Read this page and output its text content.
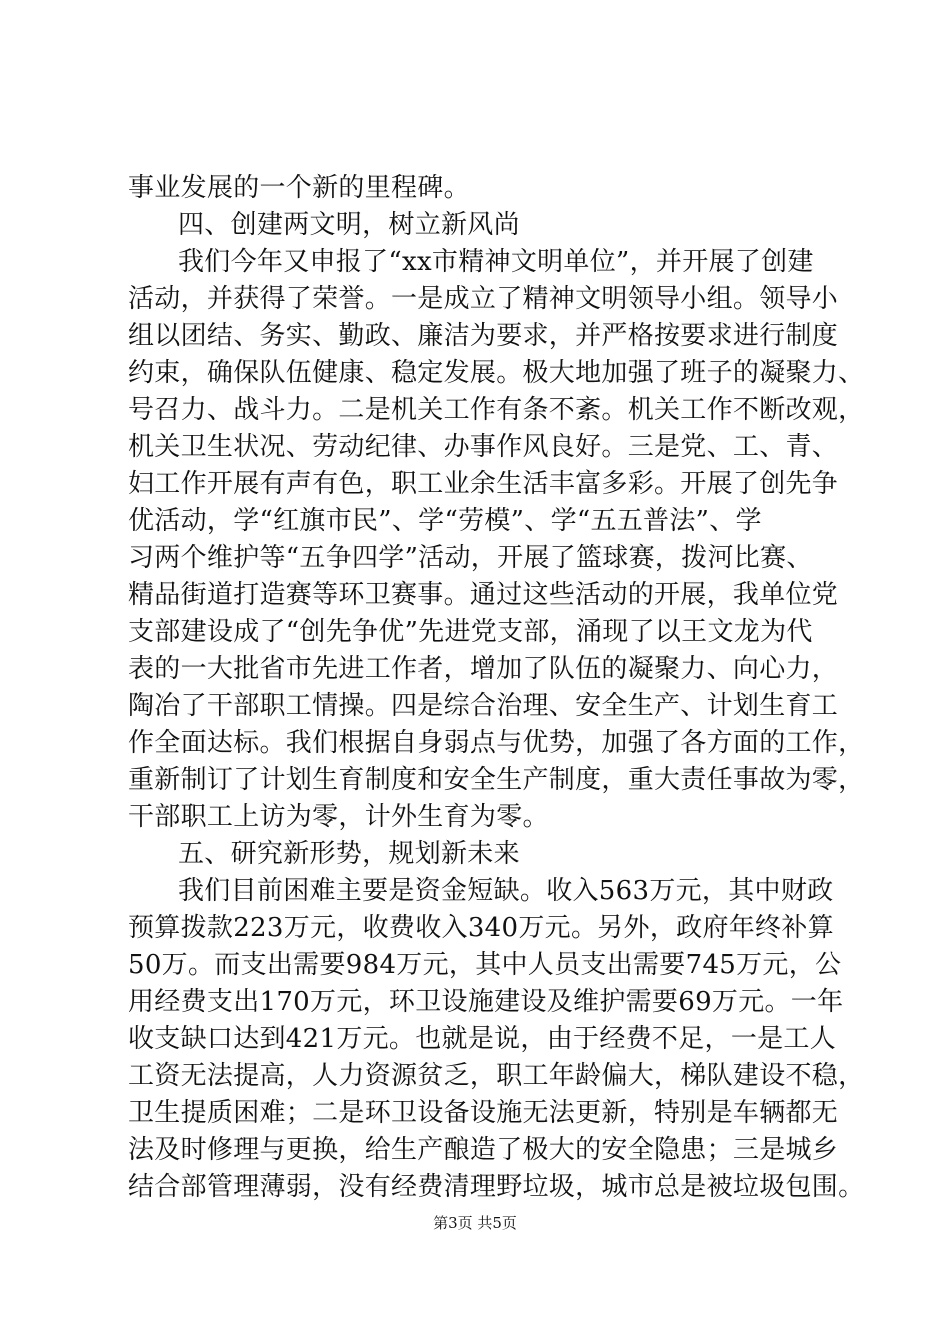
事业发展的一个新的里程碑。
四、创建两文明，树立新风尚
我们今年又申报了“xx市精神文明单位”，并开展了创建
活动，并获得了荣誉。一是成立了精神文明领导小组。领导小
组以团结、务实、勤政、廉洁为要求，并严格按要求进行制度
约束，确保队伍健康、稳定发展。极大地加强了班子的凝聚力、
号召力、战斗力。二是机关工作有条不紊。机关工作不断改观，
机关卫生状况、劳动纪律、办事作风良好。三是党、工、青、
妇工作开展有声有色，职工业余生活丰富多彩。开展了创先争
优活动，学“红旗市民”、学“劳模”、学“五五普法”、学
习两个维护等“五争四学”活动，开展了篮球赛，拨河比赛、
精品街道打造赛等环卫赛事。通过这些活动的开展，我单位党
支部建设成了“创先争优”先进党支部，涌现了以王文龙为代
表的一大批省市先进工作者，增加了队伍的凝聚力、向心力，
陶冶了干部职工情操。四是综合治理、安全生产、计划生育工
作全面达标。我们根据自身弱点与优势，加强了各方面的工作，
重新制订了计划生育制度和安全生产制度，重大责任事故为零，
干部职工上访为零，计外生育为零。
五、研究新形势，规划新未来
我们目前困难主要是资金短缺。收入563万元，其中财政
预算拨款223万元，收费收入340万元。另外，政府年终补算
50万。而支出需要984万元，其中人员支出需要745万元，公
用经费支出170万元，环卫设施建设及维护需要69万元。一年
收支缺口达到421万元。也就是说，由于经费不足，一是工人
工资无法提高，人力资源贫乏，职工年龄偏大，梯队建设不稳，
卫生提质困难；二是环卫设备设施无法更新，特别是车辆都无
法及时修理与更换，给生产酿造了极大的安全隐患；三是城乡
结合部管理薄弱，没有经费清理野垃圾，城市总是被垃圾包围。
第3页 共5页
